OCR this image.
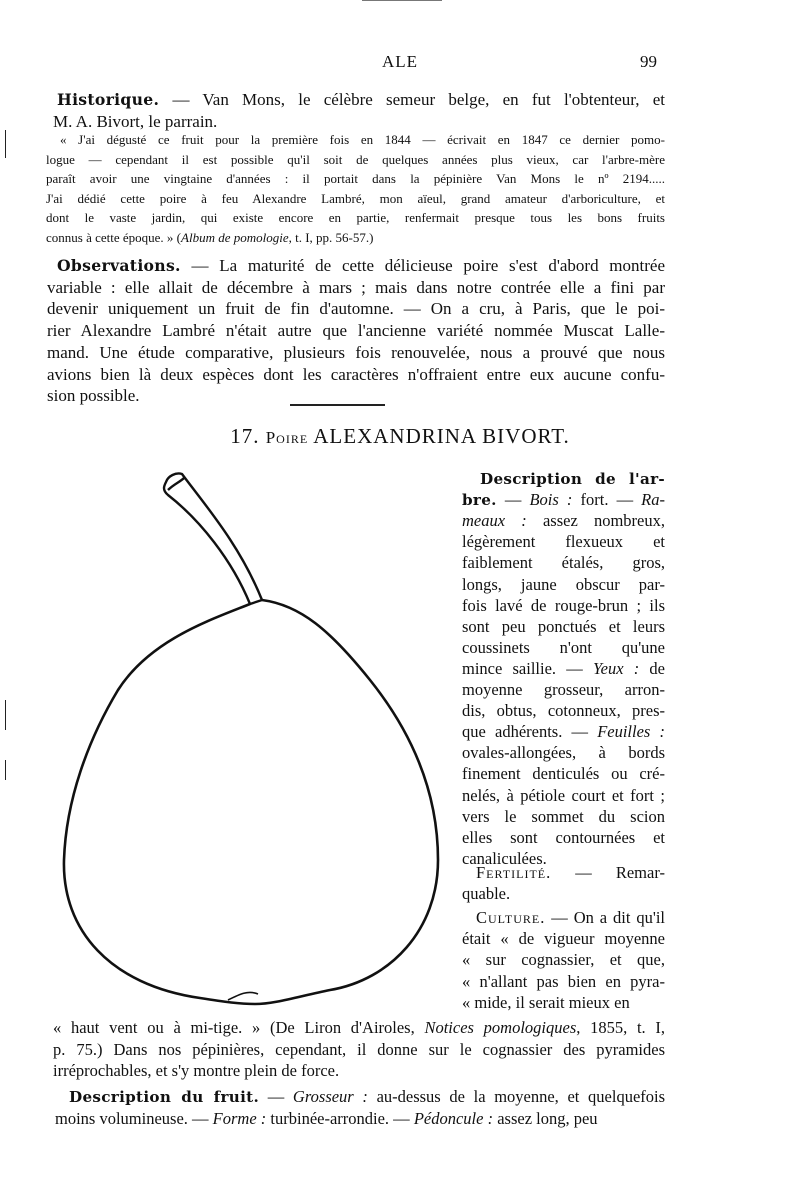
ALE	99
Historique. — Van Mons, le célèbre semeur belge, en fut l'obtenteur, et
M. A. Bivort, le parrain.
« J'ai dégusté ce fruit pour la première fois en 1844 — écrivait en 1847 ce dernier pomo-
logue — cependant il est possible qu'il soit de quelques années plus vieux, car l'arbre-mère
paraît avoir une vingtaine d'années : il portait dans la pépinière Van Mons le nº 2194.....
J'ai dédié cette poire à feu Alexandre Lambré, mon aïeul, grand amateur d'arboriculture, et
dont le vaste jardin, qui existe encore en partie, renfermait presque tous les bons fruits
connus à cette époque. » (Album de pomologie, t. I, pp. 56-57.)
Observations. — La maturité de cette délicieuse poire s'est d'abord montrée
variable : elle allait de décembre à mars ; mais dans notre contrée elle a fini par
devenir uniquement un fruit de fin d'automne. — On a cru, à Paris, que le poi-
rier Alexandre Lambré n'était autre que l'ancienne variété nommée Muscat Lalle-
mand. Une étude comparative, plusieurs fois renouvelée, nous a prouvé que nous
avions bien là deux espèces dont les caractères n'offraient entre eux aucune confu-
sion possible.
Description de l'ar-
bre. — Bois : fort. — Ra-
meaux : assez nombreux,
légèrement flexueux et
faiblement étalés, gros,
longs, jaune obscur par-
fois lavé de rouge-brun ; ils
sont peu ponctués et leurs
coussinets n'ont qu'une
mince saillie. — Yeux : de
moyenne grosseur, arron-
dis, obtus, cotonneux, pres-
que adhérents. — Feuilles :
ovales-allongées, à bords
finement denticulés ou cré-
nelés, à pétiole court et fort ;
vers le sommet du scion
elles sont contournées et
canaliculées.
Fertilité. — Remar-
quable.
Culture. — On a dit qu'il
était « de vigueur moyenne
« sur cognassier, et que,
« n'allant pas bien en pyra-
« mide, il serait mieux en
« haut vent ou à mi-tige. » (De Liron d'Airoles, Notices pomologiques, 1855, t. I,
p. 75.) Dans nos pépinières, cependant, il donne sur le cognassier des pyramides
irréprochables, et s'y montre plein de force.
Description du fruit. — Grosseur : au-dessus de la moyenne, et quelquefois
moins volumineuse. — Forme : turbinée-arrondie. — Pédoncule : assez long, peu
17. Poire ALEXANDRINA BIVORT.
